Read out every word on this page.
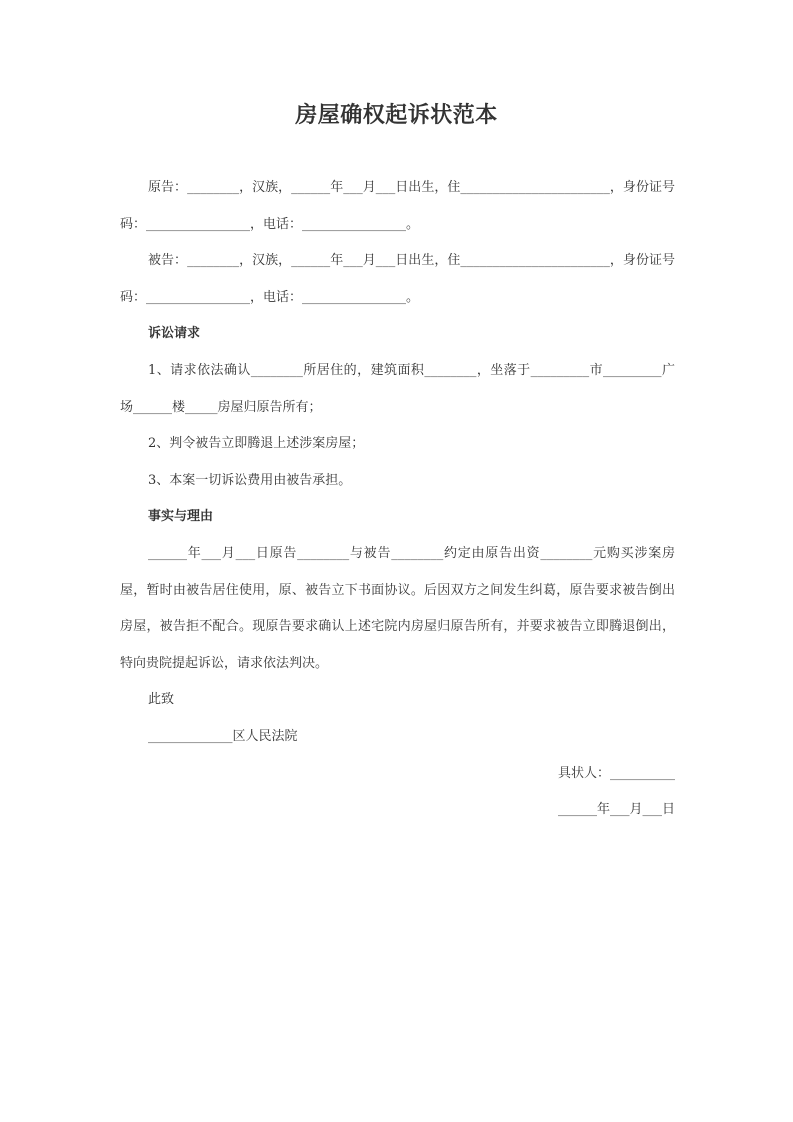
房屋确权起诉状范本

原告：________，汉族，______年___月___日出生，住_______________________，身份证号码：________________，电话：________________。

被告：________，汉族，______年___月___日出生，住_______________________，身份证号码：________________，电话：________________。

诉讼请求

1、请求依法确认________所居住的，建筑面积________，坐落于_________市_________广场______楼_____房屋归原告所有；

2、判令被告立即腾退上述涉案房屋；

3、本案一切诉讼费用由被告承担。

事实与理由

______年___月___日原告________与被告________约定由原告出资________元购买涉案房屋，暂时由被告居住使用，原、被告立下书面协议。后因双方之间发生纠葛，原告要求被告倒出房屋，被告拒不配合。现原告要求确认上述宅院内房屋归原告所有，并要求被告立即腾退倒出，特向贵院提起诉讼，请求依法判决。

此致

_____________区人民法院

具状人：__________

______年___月___日
